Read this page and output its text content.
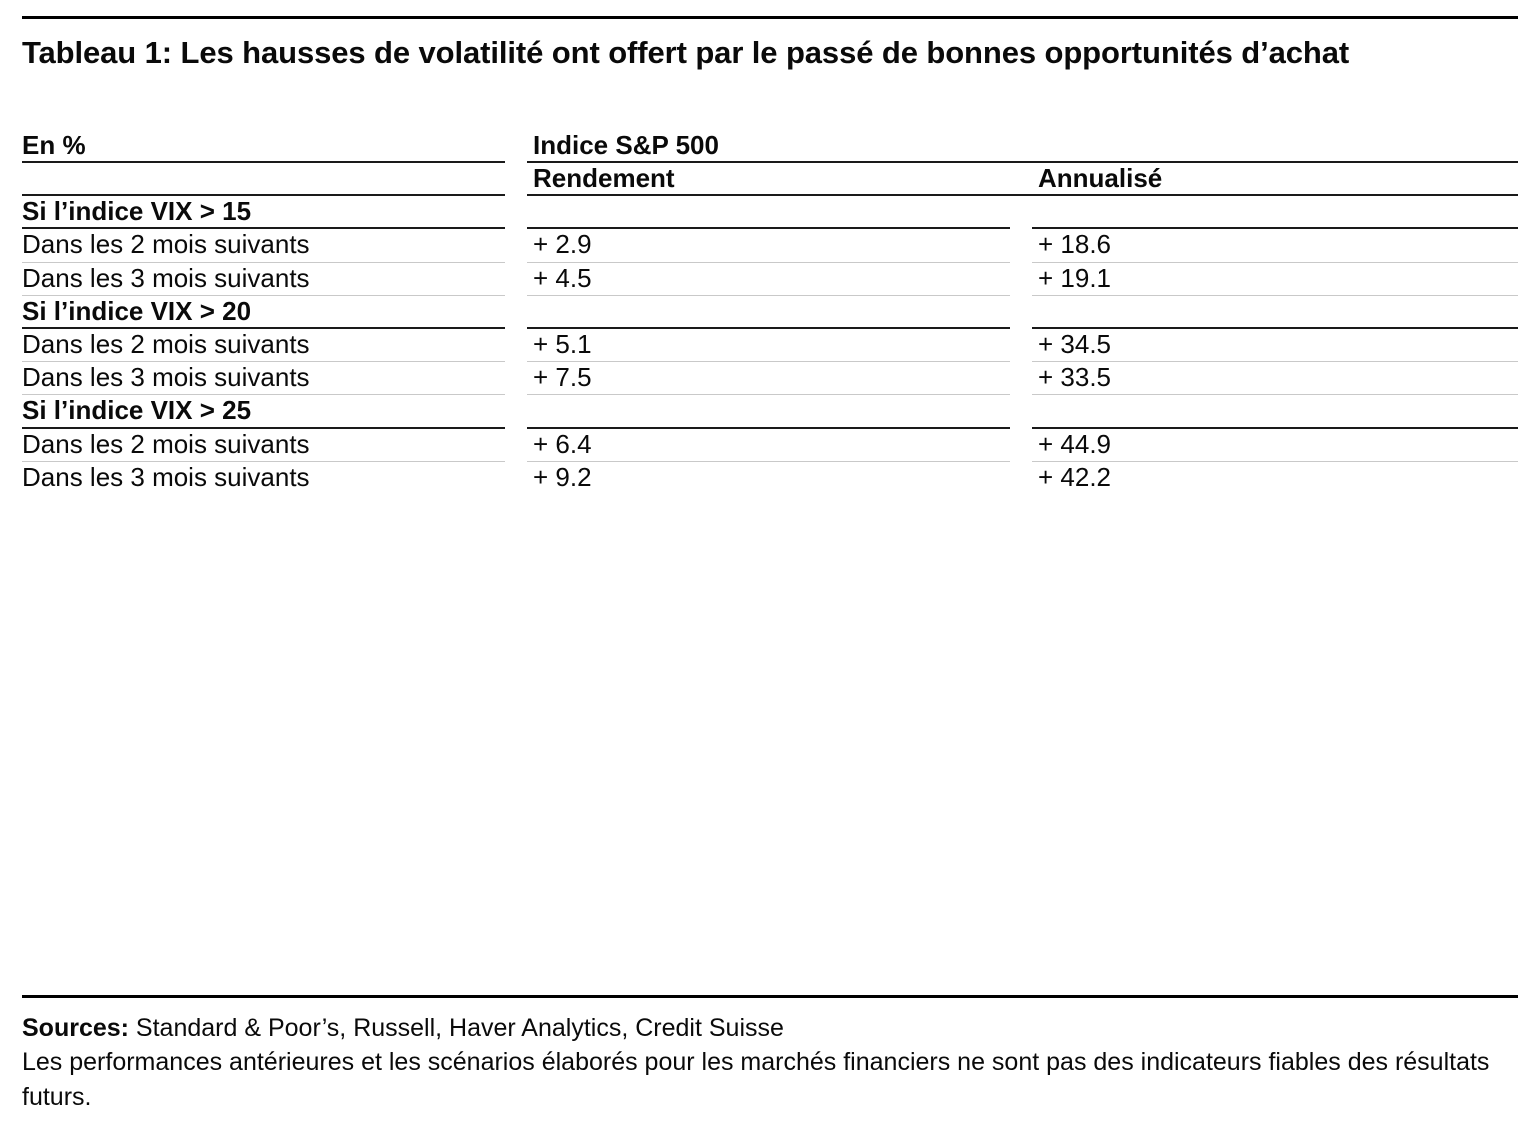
Tableau 1: Les hausses de volatilité ont offert par le passé de bonnes opportunités d’achat
En %	Indice S&P 500	

	Rendement	Annualisé

Si l’indice VIX > 15		

Dans les 2 mois suivants	+ 2.9	+ 18.6

Dans les 3 mois suivants	+ 4.5	+ 19.1

Si l’indice VIX > 20		

Dans les 2 mois suivants	+ 5.1	+ 34.5

Dans les 3 mois suivants	+ 7.5	+ 33.5

Si l’indice VIX > 25		

Dans les 2 mois suivants	+ 6.4	+ 44.9

Dans les 3 mois suivants	+ 9.2	+ 42.2
Sources: Standard & Poor’s, Russell, Haver Analytics, Credit Suisse
Les performances antérieures et les scénarios élaborés pour les marchés financiers ne sont pas des indicateurs fiables des résultats futurs.
